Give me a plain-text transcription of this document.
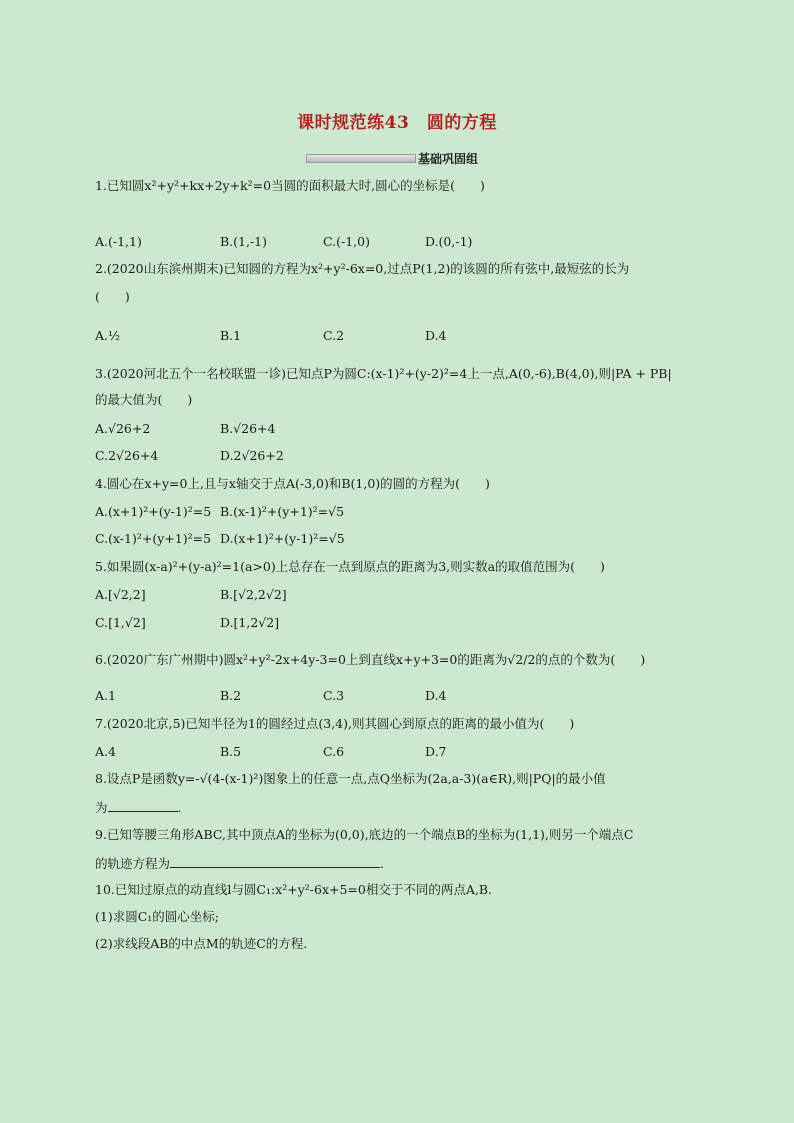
课时规范练43　圆的方程
基础巩固组
1.已知圆x²+y²+kx+2y+k²=0当圆的面积最大时,圆心的坐标是(　　)
A.(-1,1)	B.(1,-1)	C.(-1,0)	D.(0,-1)
2.(2020山东滨州期末)已知圆的方程为x²+y²-6x=0,过点P(1,2)的该圆的所有弦中,最短弦的长为
(　　)
A.½	B.1	C.2	D.4
3.(2020河北五个一名校联盟一诊)已知点P为圆C:(x-1)²+(y-2)²=4上一点,A(0,-6),B(4,0),则|PA + PB|
的最大值为(　　)
A.√26+2	B.√26+4
C.2√26+4	D.2√26+2
4.圆心在x+y=0上,且与x轴交于点A(-3,0)和B(1,0)的圆的方程为(　　)
A.(x+1)²+(y-1)²=5 B.(x-1)²+(y+1)²=√5
C.(x-1)²+(y+1)²=5 D.(x+1)²+(y-1)²=√5
5.如果圆(x-a)²+(y-a)²=1(a>0)上总存在一点到原点的距离为3,则实数a的取值范围为(　　)
A.[√2,2]	B.[√2,2√2]
C.[1,√2]	D.[1,2√2]
6.(2020广东广州期中)圆x²+y²-2x+4y-3=0上到直线x+y+3=0的距离为√2/2的点的个数为(　　)
A.1	B.2	C.3	D.4
7.(2020北京,5)已知半径为1的圆经过点(3,4),则其圆心到原点的距离的最小值为(　　)
A.4	B.5	C.6	D.7
8.设点P是函数y=-√(4-(x-1)²)图象上的任意一点,点Q坐标为(2a,a-3)(a∈R),则|PQ|的最小值
为	.
9.已知等腰三角形ABC,其中顶点A的坐标为(0,0),底边的一个端点B的坐标为(1,1),则另一个端点C
的轨迹方程为	.
10.已知过原点的动直线l与圆C₁:x²+y²-6x+5=0相交于不同的两点A,B.
(1)求圆C₁的圆心坐标;
(2)求线段AB的中点M的轨迹C的方程.
